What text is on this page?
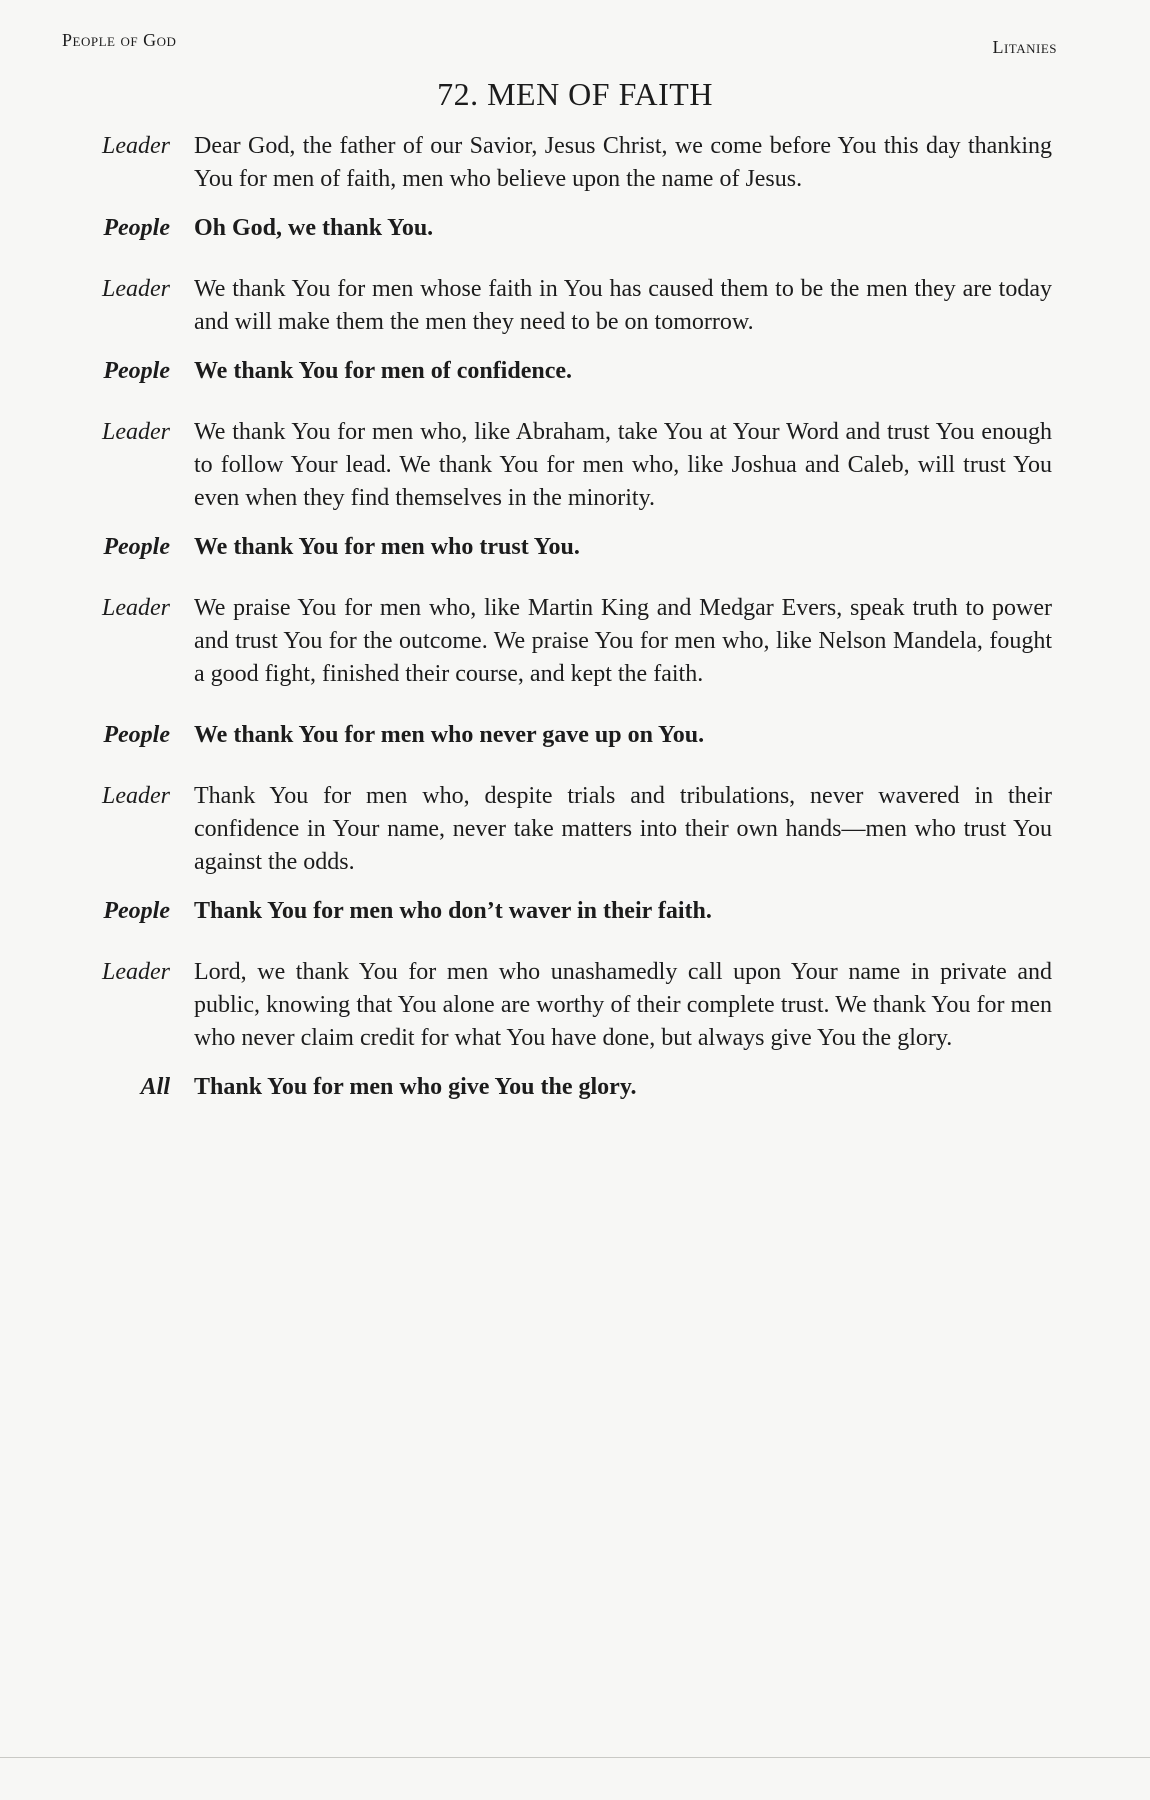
People of God	Litanies
72. MEN OF FAITH
Leader	Dear God, the father of our Savior, Jesus Christ, we come before You this day thanking You for men of faith, men who believe upon the name of Jesus.
People	Oh God, we thank You.
Leader	We thank You for men whose faith in You has caused them to be the men they are today and will make them the men they need to be on tomorrow.
People	We thank You for men of confidence.
Leader	We thank You for men who, like Abraham, take You at Your Word and trust You enough to follow Your lead. We thank You for men who, like Joshua and Caleb, will trust You even when they find themselves in the minority.
People	We thank You for men who trust You.
Leader	We praise You for men who, like Martin King and Medgar Evers, speak truth to power and trust You for the outcome. We praise You for men who, like Nelson Mandela, fought a good fight, finished their course, and kept the faith.
People	We thank You for men who never gave up on You.
Leader	Thank You for men who, despite trials and tribulations, never wavered in their confidence in Your name, never take matters into their own hands—men who trust You against the odds.
People	Thank You for men who don’t waver in their faith.
Leader	Lord, we thank You for men who unashamedly call upon Your name in private and public, knowing that You alone are worthy of their complete trust. We thank You for men who never claim credit for what You have done, but always give You the glory.
All	Thank You for men who give You the glory.
